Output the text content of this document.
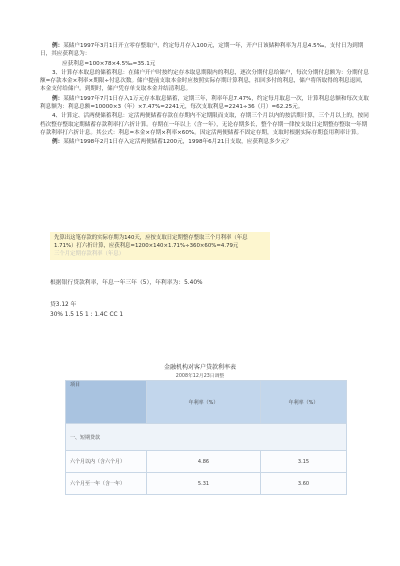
例：某储户1997年3月1日开立零存整取户，约定每月存入100元，定期一年，开户日该储种利率为月息4.5‰，支付日为到期日，其应获利息为：

应获利息=100×78×4.5‰=35.1元

3、计算存本取息的储蓄利息：在储户开户时按约定存本取息期限内的利息，逐次分期付息给储户，每次分期付息额为：分期付息额=存款本金×利率×期限÷付息次数。储户提前支取本金时应按照实际存期计算利息，扣回多付的利息，储户将所取得的利息退回，本金支付给储户。到期时，储户凭存单支取本金并结清利息。

例：某储户1997年7月1日存入1万元存本取息储蓄，定期三年，利率年息7.47%，约定每月取息一次，计算利息总额和每次支取利息额为：利息总额=10000×3（年）×7.47%=2241元，每次支取利息=2241÷36（月）=62.25元。

4、计算定、活两便储蓄利息：定活两便储蓄存款在存期内不定期限而支取，存期三个月以内的按活期计算，三个月以上的，按同档次整存整取定期储蓄存款利率打六折计算。存期在一年以上（含一年），无论存期多长，整个存期一律按支取日定期整存整取一年期存款利率打六折计息。其公式：利息=本金×存期×利率×60%。因定活两便储蓄不固定存期，支取时根据实际存期套用利率计算。

例：某储户1998年2月1日存入定活两便储蓄1200元，1998年6月21日支取，应获利息多少元？

先算出这笔存款的实际存期为140天，应按支取日定期整存整取三个月利率（年息1.71%）打六折计算，应获利息=1200×140×1.71%÷360×60%=4.79元

三个月定期存款利率（年息）

根据银行贷款利率，年息一年三年（5），年利率为：5.40%
贷3.12 年
30% 1.5 15 1 : 1.4C CC 1
金融机构对客户贷款利率表
2008年12月23日调整
项目	年利率（%）	年利率（%）
一、短期贷款		
六个月以内（含六个月）	4.86	3.15
六个月至一年（含一年）	5.31	3.60
